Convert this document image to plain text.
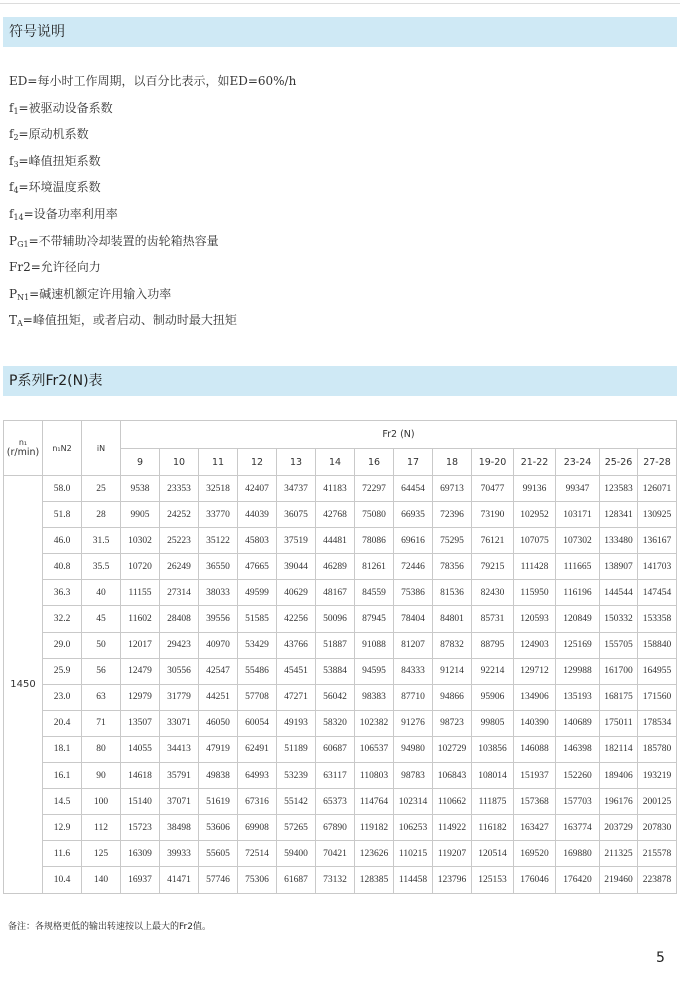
符号说明
ED=每小时工作周期，以百分比表示，如ED=60%/h
$f_1=$被驱动设备系数
$f_2=$原动机系数
$f_3=$峰值扭矩系数
$f_4=$环境温度系数
$f_{14}=$设备功率利用率
$P_{G1}=$不带辅助冷却装置的齿轮箱热容量
Fr2=允许径向力
$P_{N1}=$碱速机额定许用输入功率
$T_A=$峰值扭矩，或者启动、制动时最大扭矩
P系列Fr2(N)表
n₁
(r/min)	n₁N2	iN	Fr2 (N)													
			9	10	11	12	13	14	16	17	18	19-20	21-22	23-24	25-26	27-28
1450	58.0	25	9538	23353	32518	42407	34737	41183	72297	64454	69713	70477	99136	99347	123583	126071
	51.8	28	9905	24252	33770	44039	36075	42768	75080	66935	72396	73190	102952	103171	128341	130925
	46.0	31.5	10302	25223	35122	45803	37519	44481	78086	69616	75295	76121	107075	107302	133480	136167
	40.8	35.5	10720	26249	36550	47665	39044	46289	81261	72446	78356	79215	111428	111665	138907	141703
	36.3	40	11155	27314	38033	49599	40629	48167	84559	75386	81536	82430	115950	116196	144544	147454
	32.2	45	11602	28408	39556	51585	42256	50096	87945	78404	84801	85731	120593	120849	150332	153358
	29.0	50	12017	29423	40970	53429	43766	51887	91088	81207	87832	88795	124903	125169	155705	158840
	25.9	56	12479	30556	42547	55486	45451	53884	94595	84333	91214	92214	129712	129988	161700	164955
	23.0	63	12979	31779	44251	57708	47271	56042	98383	87710	94866	95906	134906	135193	168175	171560
	20.4	71	13507	33071	46050	60054	49193	58320	102382	91276	98723	99805	140390	140689	175011	178534
	18.1	80	14055	34413	47919	62491	51189	60687	106537	94980	102729	103856	146088	146398	182114	185780
	16.1	90	14618	35791	49838	64993	53239	63117	110803	98783	106843	108014	151937	152260	189406	193219
	14.5	100	15140	37071	51619	67316	55142	65373	114764	102314	110662	111875	157368	157703	196176	200125
	12.9	112	15723	38498	53606	69908	57265	67890	119182	106253	114922	116182	163427	163774	203729	207830
	11.6	125	16309	39933	55605	72514	59400	70421	123626	110215	119207	120514	169520	169880	211325	215578
	10.4	140	16937	41471	57746	75306	61687	73132	128385	114458	123796	125153	176046	176420	219460	223878
备注：各规格更低的输出转速按以上最大的Fr2值。
5
